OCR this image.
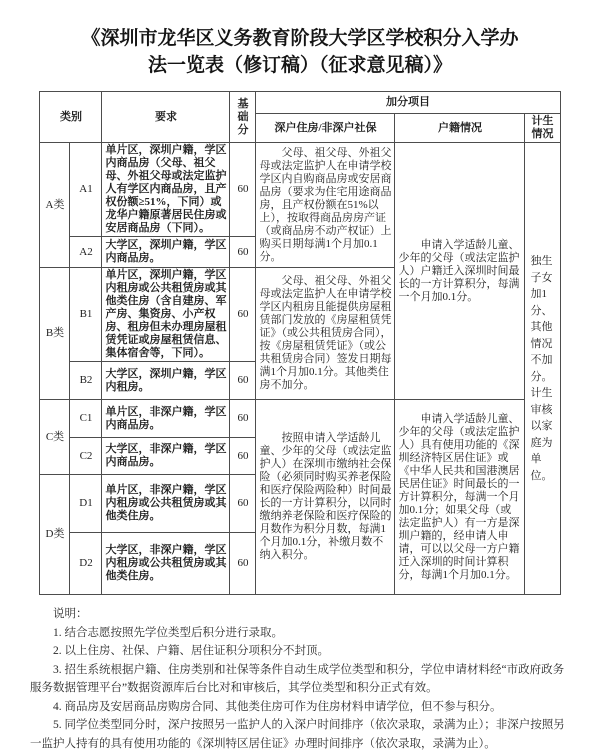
《深圳市龙华区义务教育阶段大学区学校积分入学办
法一览表（修订稿）（征求意见稿）》
类别		要求	基础分	加分项目		
				深户住房/非深户社保	户籍情况	计生情况
A类	A1	单片区，深圳户籍，学区内商品房（父母、祖父母、外祖父母或法定监护人有学区内商品房，且产权份额≥51%，下同）或龙华户籍原著居民住房或安居商品房（下同）。	60	父母、祖父母、外祖父母或法定监护人在申请学校学区内自购商品房或安居商品房（要求为住宅用途商品房，且产权份额在51%以上），按取得商品房房产证（或商品房不动产权证）上购买日期每满1个月加0.1分。	申请入学适龄儿童、少年的父母（或法定监护人）户籍迁入深圳时间最长的一方计算积分，每满一个月加0.1分。	独生子女加1分、其他情况不加分。计生审核以家庭为单位。

	A2	大学区，深圳户籍，学区内商品房。	60			
B类	B1	单片区，深圳户籍，学区内租房或公共租赁房或其他类住房（含自建房、军产房、集资房、小产权房、租房但未办理房屋租赁凭证或房屋租赁信息、集体宿舍等，下同）。	60	父母、祖父母、外祖父母或法定监护人在申请学校学区内租房且能提供房屋租赁部门发放的《房屋租赁凭证》（或公共租赁房合同），按《房屋租赁凭证》（或公共租赁房合同）签发日期每满1个月加0.1分。其他类住房不加分。		

	B2	大学区，深圳户籍，学区内租房。	60			
C类	C1	单片区，非深户籍，学区内商品房。	60	按照申请入学适龄儿童、少年的父母（或法定监护人）在深圳市缴纳社会保险（必须同时购买养老保险和医疗保险两险种）时间最长的一方计算积分，以同时缴纳养老保险和医疗保险的月数作为积分月数，每满1个月加0.1分，补缴月数不纳入积分。	申请入学适龄儿童、少年的父母（或法定监护人）具有使用功能的《深圳经济特区居住证》或《中华人民共和国港澳居民居住证》时间最长的一方计算积分，每满一个月加0.1分；如果父母（或法定监护人）有一方是深圳户籍的，经申请人申请，可以以父母一方户籍迁入深圳的时间计算积分，每满1个月加0.1分。	

	C2	大学区，非深户籍，学区内商品房。	60			
D类	D1	单片区，非深户籍，学区内租房或公共租赁房或其他类住房。	60			
	D2	大学区，非深户籍，学区内租房或公共租赁房或其他类住房。	60			

说明：

1. 结合志愿按照先学位类型后积分进行录取。

2. 以上住房、社保、户籍、居住证积分项积分不封顶。

3. 招生系统根据户籍、住房类别和社保等条件自动生成学位类型和积分，学位申请材料经“市政府政务服务数据管理平台”数据资源库后台比对和审核后，其学位类型和积分正式有效。

4. 商品房及安居商品房购房合同、其他类住房可作为住房材料申请学位，但不参与积分。

5. 同学位类型同分时，深户按照另一监护人的入深户时间排序（依次录取，录满为止）；非深户按照另一监护人持有的具有使用功能的《深圳特区居住证》办理时间排序（依次录取，录满为止）。
